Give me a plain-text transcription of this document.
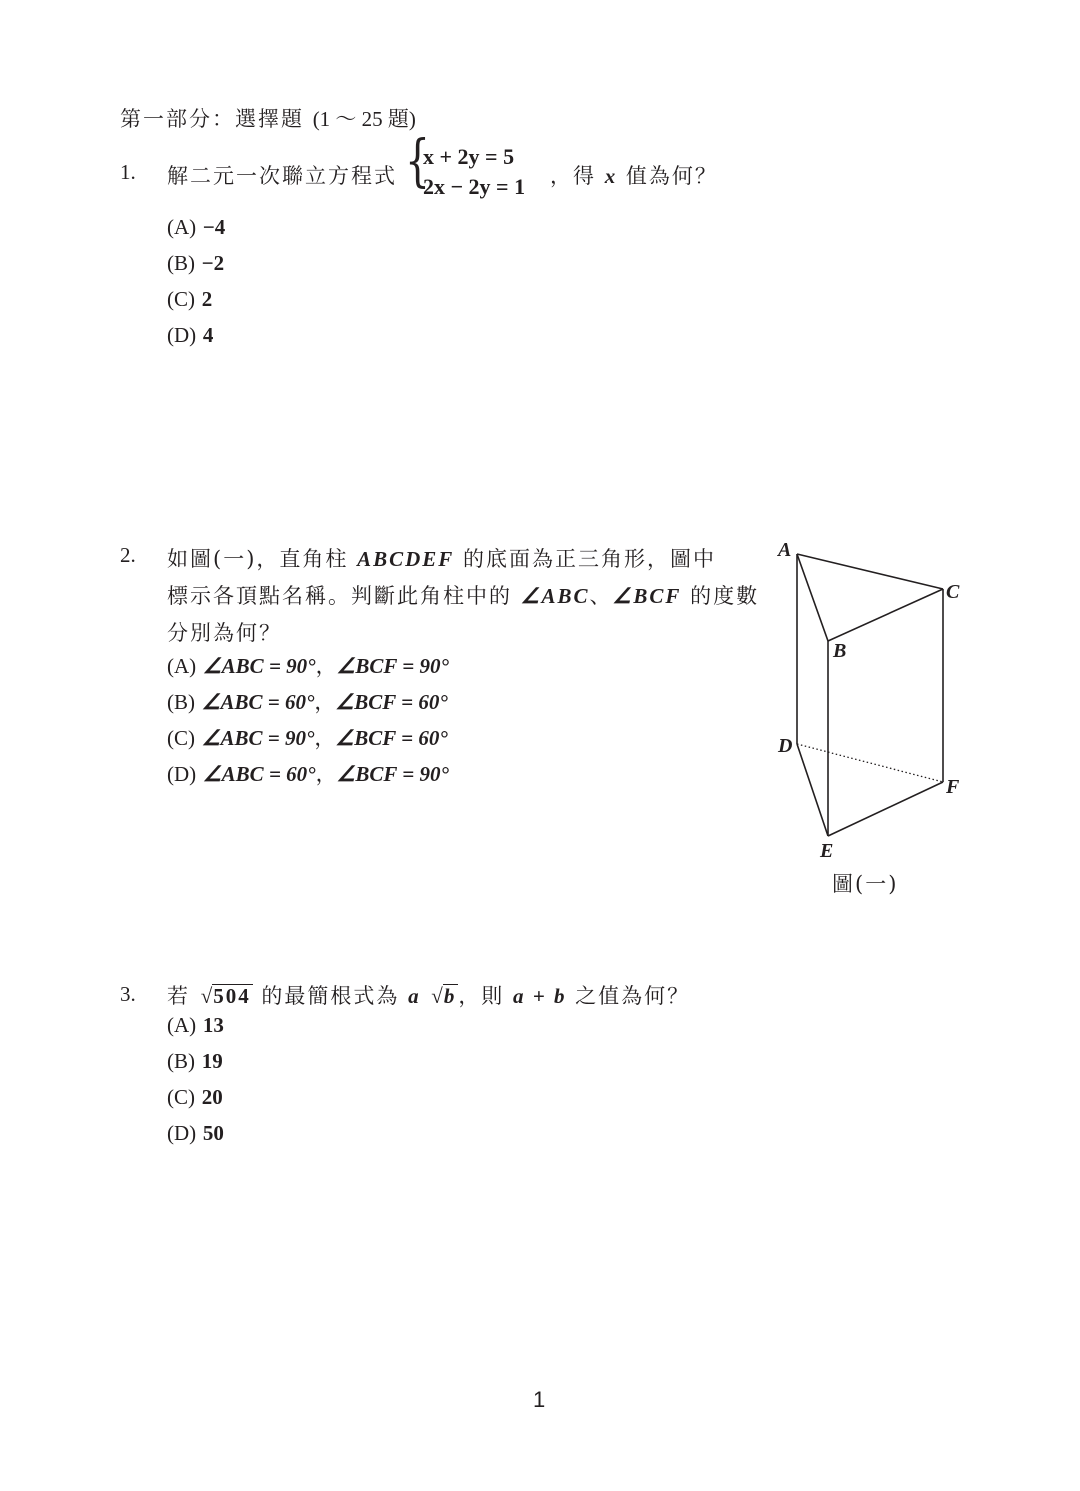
第一部分：選擇題 (1 ～ 25 題)
1. 解二元一次聯立方程式 {
x + 2y = 5
2x − 2y = 1 ，得 x 值為何？
(A) −4
(B) −2
(C) 2
(D) 4
2. 如圖(一)，直角柱 ABCDEF 的底面為正三角形，圖中
標示各頂點名稱。判斷此角柱中的 ∠ABC、∠BCF 的度數
分別為何？
(A) ∠ABC = 90°，∠BCF = 90°
(B) ∠ABC = 60°，∠BCF = 60°
(C) ∠ABC = 90°，∠BCF = 60°
(D) ∠ABC = 60°，∠BCF = 90°
A
B
C
D
E
F
圖(一)
3. 若 √504 的最簡根式為 a √b，則 a + b 之值為何？
(A) 13
(B) 19
(C) 20
(D) 50
1
